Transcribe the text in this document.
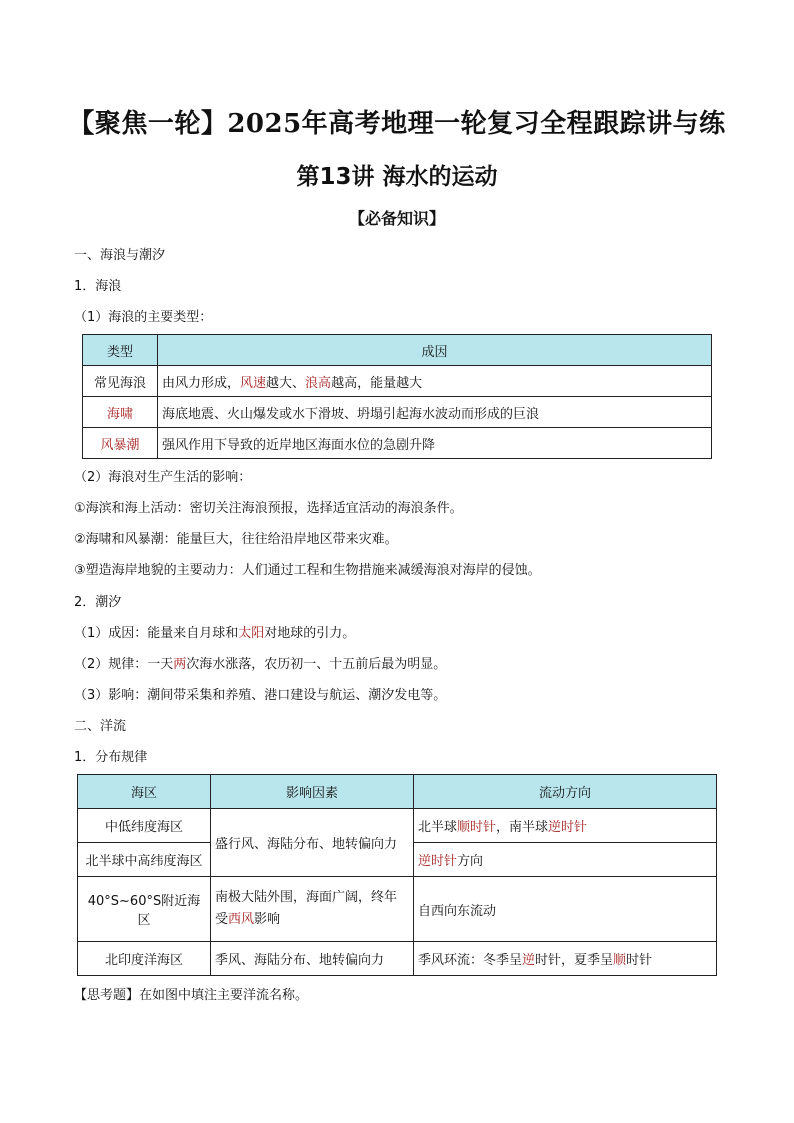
【聚焦一轮】2025年高考地理一轮复习全程跟踪讲与练
第13讲 海水的运动
【必备知识】
一、海浪与潮汐
1．海浪
（1）海浪的主要类型：
类型	成因
常见海浪	由风力形成，风速越大、浪高越高，能量越大
海啸	海底地震、火山爆发或水下滑坡、坍塌引起海水波动而形成的巨浪
风暴潮	强风作用下导致的近岸地区海面水位的急剧升降
（2）海浪对生产生活的影响：
①海滨和海上活动：密切关注海浪预报，选择适宜活动的海浪条件。
②海啸和风暴潮：能量巨大，往往给沿岸地区带来灾难。
③塑造海岸地貌的主要动力：人们通过工程和生物措施来减缓海浪对海岸的侵蚀。
2．潮汐
（1）成因：能量来自月球和太阳对地球的引力。
（2）规律：一天两次海水涨落，农历初一、十五前后最为明显。
（3）影响：潮间带采集和养殖、港口建设与航运、潮汐发电等。
二、洋流
1．分布规律
海区	影响因素	流动方向
中低纬度海区	盛行风、海陆分布、地转偏向力	北半球顺时针，南半球逆时针
北半球中高纬度海区		逆时针方向
40°S~60°S附近海区	南极大陆外围，海面广阔，终年受西风影响	自西向东流动
北印度洋海区	季风、海陆分布、地转偏向力	季风环流：冬季呈逆时针，夏季呈顺时针
【思考题】在如图中填注主要洋流名称。
